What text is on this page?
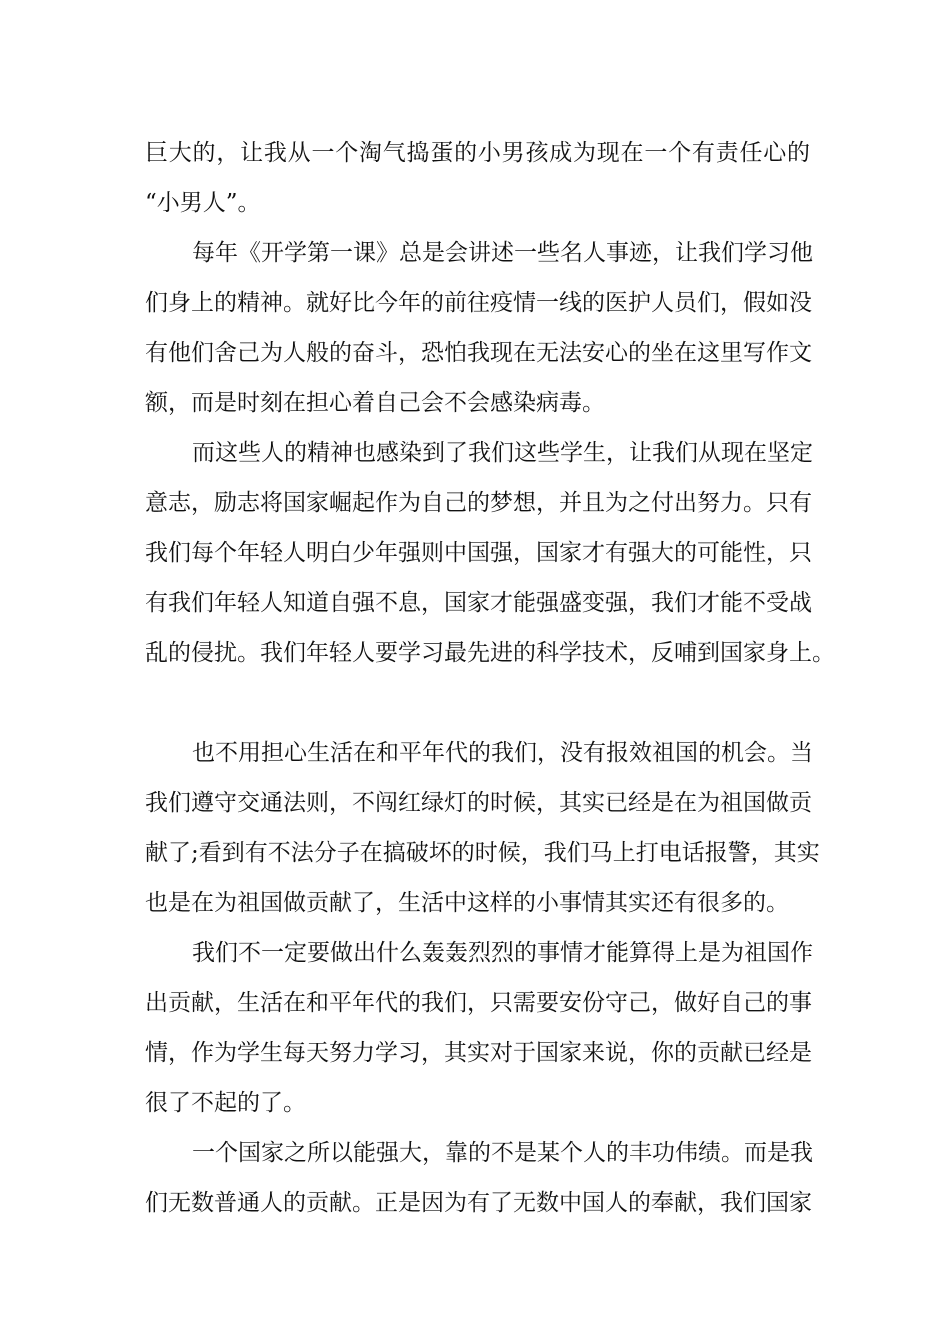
巨大的，让我从一个淘气捣蛋的小男孩成为现在一个有责任心的
“小男人”。
每年《开学第一课》总是会讲述一些名人事迹，让我们学习他
们身上的精神。就好比今年的前往疫情一线的医护人员们，假如没
有他们舍己为人般的奋斗，恐怕我现在无法安心的坐在这里写作文
额，而是时刻在担心着自己会不会感染病毒。
而这些人的精神也感染到了我们这些学生，让我们从现在坚定
意志，励志将国家崛起作为自己的梦想，并且为之付出努力。只有
我们每个年轻人明白少年强则中国强，国家才有强大的可能性，只
有我们年轻人知道自强不息，国家才能强盛变强，我们才能不受战
乱的侵扰。我们年轻人要学习最先进的科学技术，反哺到国家身上。
也不用担心生活在和平年代的我们，没有报效祖国的机会。当
我们遵守交通法则，不闯红绿灯的时候，其实已经是在为祖国做贡
献了;看到有不法分子在搞破坏的时候，我们马上打电话报警，其实
也是在为祖国做贡献了，生活中这样的小事情其实还有很多的。
我们不一定要做出什么轰轰烈烈的事情才能算得上是为祖国作
出贡献，生活在和平年代的我们，只需要安份守己，做好自己的事
情，作为学生每天努力学习，其实对于国家来说，你的贡献已经是
很了不起的了。
一个国家之所以能强大，靠的不是某个人的丰功伟绩。而是我
们无数普通人的贡献。正是因为有了无数中国人的奉献，我们国家
